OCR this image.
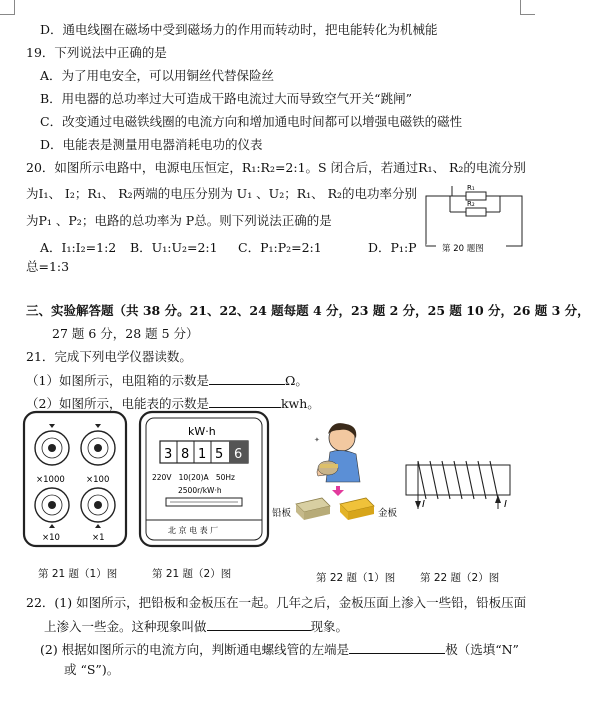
D．通电线圈在磁场中受到磁场力的作用而转动时，把电能转化为机械能
19．下列说法中正确的是
A．为了用电安全，可以用铜丝代替保险丝
B．用电器的总功率过大可造成干路电流过大而导致空气开关“跳闸”
C．改变通过电磁铁线圈的电流方向和增加通电时间都可以增强电磁铁的磁性
D．电能表是测量用电器消耗电功的仪表
20．如图所示电路中，电源电压恒定，R₁:R₂=2:1。S 闭合后，若通过R₁、 R₂的电流分别
为I₁、 I₂；R₁、 R₂两端的电压分别为 U₁ 、U₂；R₁、 R₂的电功率分别
为P₁ 、P₂；电路的总功率为 P总。则下列说法正确的是
A．I₁:I₂=1:2 B．U₁:U₂=2:1 C．P₁:P₂=2:1	D．P₁:P
总=1:3
R₁
R₂
第 20 题图
三、实验解答题（共 38 分。21、22、24 题每题 4 分，23 题 2 分，25 题 10 分，26 题 3 分，
27 题 6 分，28 题 5 分）
21．完成下列电学仪器读数。
（1）如图所示，电阻箱的示数是	Ω。
（2）如图所示，电能表的示数是	kwh。
×1000 ×100
×10	×1
kW·h
3 8 1 5 6
220V   10(20)A   50Hz
2500r/kW·h
北 京 电 表 厂
✦
铅板	金板
I	I
第 21 题（1）图	第 21 题（2）图	第 22 题（1）图 第 22 题（2）图
22．(1) 如图所示，把铅板和金板压在一起。几年之后，金板压面上渗入一些铅，铅板压面
上渗入一些金。这种现象叫做	现象。
(2) 根据如图所示的电流方向，判断通电螺线管的左端是	极（选填“N”
或 “S”)。
